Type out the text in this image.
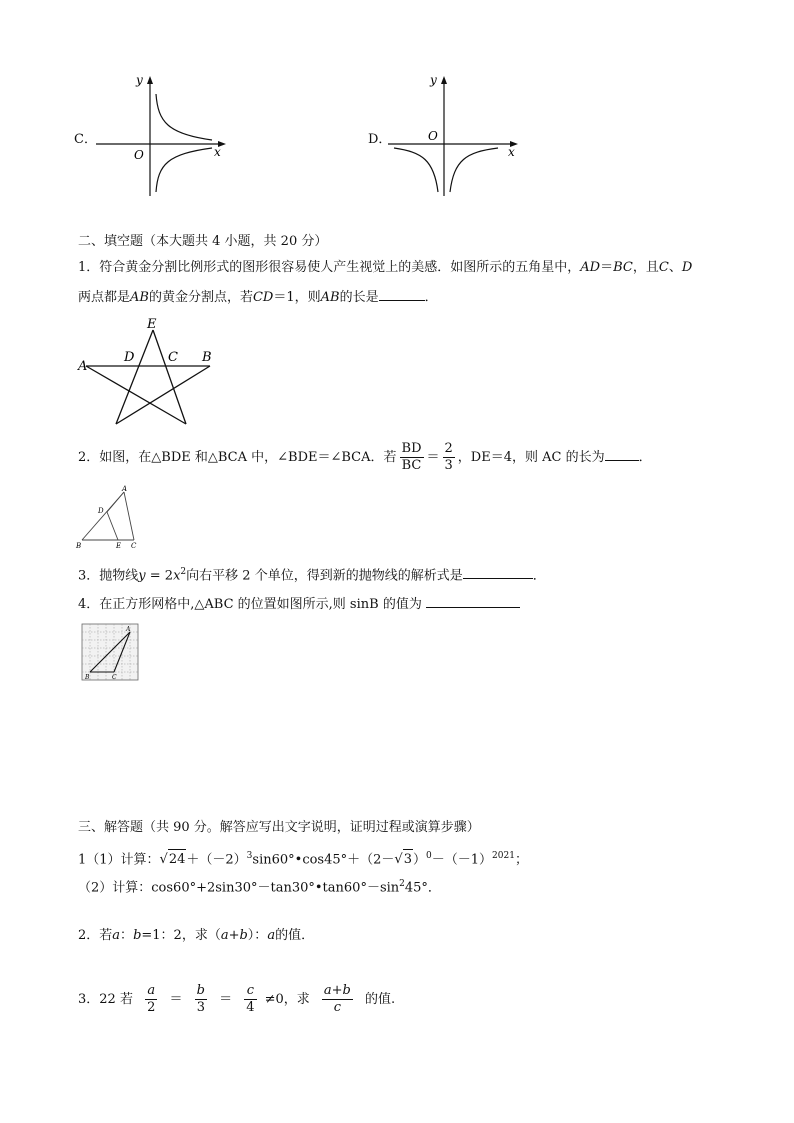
C．
y
x
O
D．
y
x
O
二、填空题（本大题共 4 小题，共 20 分）
1．符合黄金分割比例形式的图形很容易使人产生视觉上的美感．如图所示的五角星中，AD＝BC，且C、D
两点都是AB的黄金分割点，若CD＝1，则AB的长是	．
E
A
D	C B
2．如图，在△BDE 和△BCA 中，∠BDE＝∠BCA．若 $\frac{BD}{BC} = \frac{2}{3}$ ，DE＝4，则 AC 的长为	．
A
D
B	E C
3．抛物线$y = 2x^2$向右平移 2 个单位，得到新的抛物线的解析式是	．
4．在正方形网格中,△ABC 的位置如图所示,则 sinB 的值为
A
B	C
三、解答题（共 90 分。解答应写出文字说明，证明过程或演算步骤）
1（1）计算：$√24+(-2)^3\sin 60^\circ•\cos 45^\circ+(2-√3)^0-(-1)^{2021}$；
（2）计算：$\cos 60^\circ+2\sin 30^\circ-\tan 30^\circ•\tan 60^\circ-\sin^245^\circ$．
2．若a：b=1：2，求（a+b）：a的值．
3．22 若 $\frac{a}{2} = \frac{b}{3} = \frac{c}{4} \ne 0$，求 $\frac{a+b}{c}$ 的值.
